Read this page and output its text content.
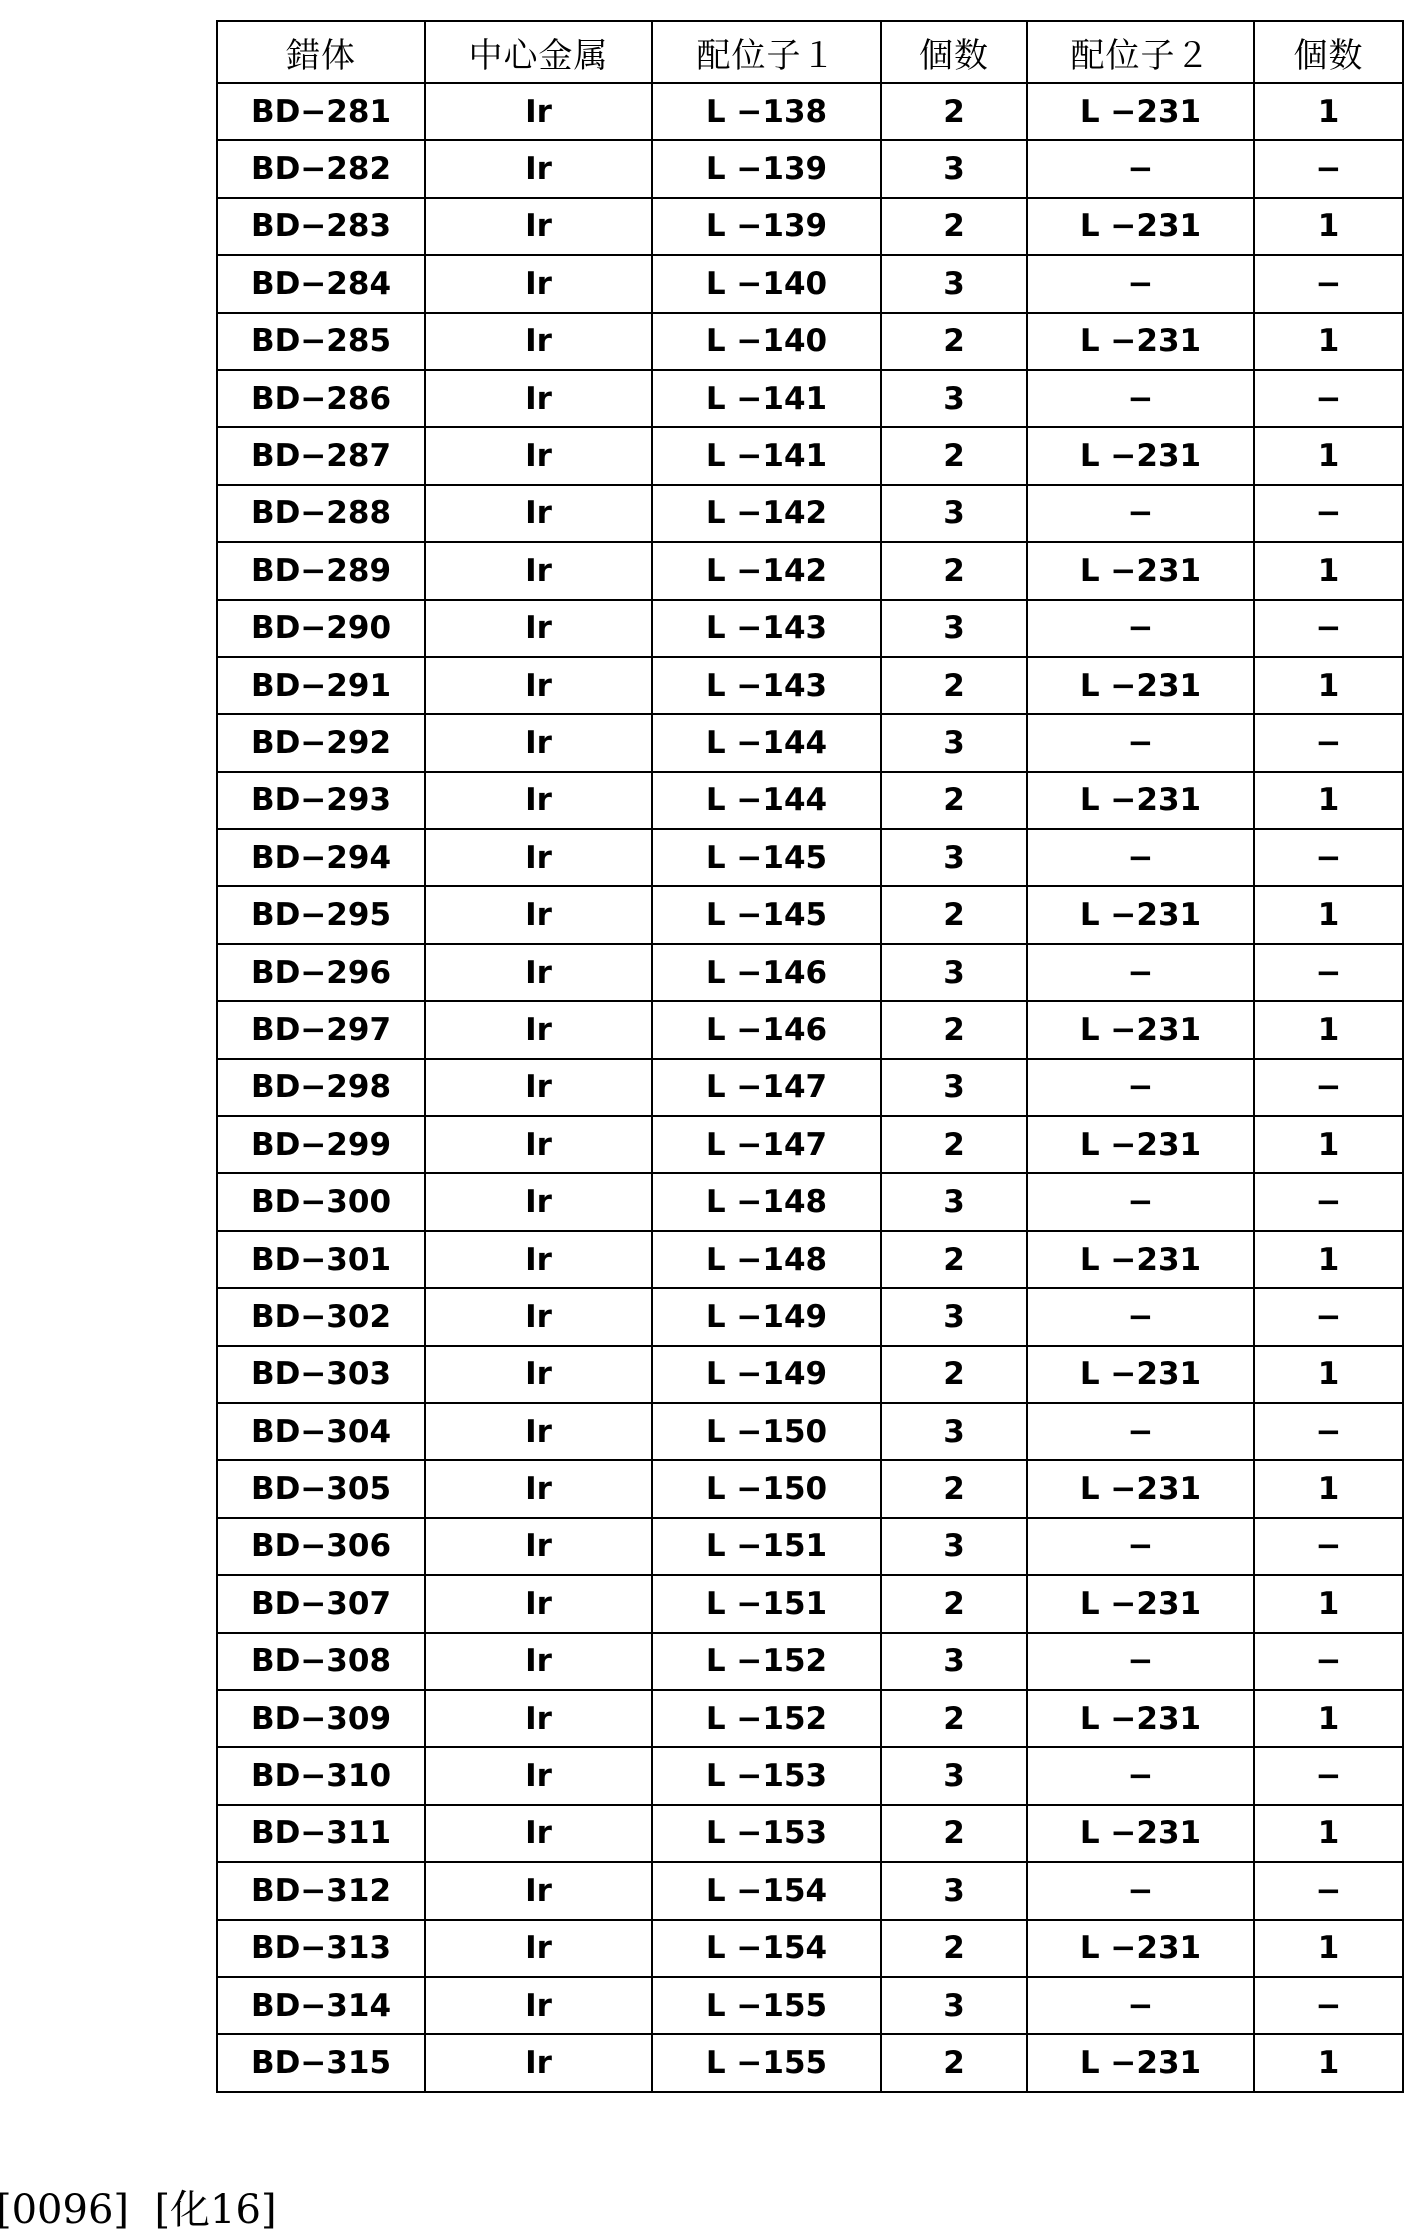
錯体	中心金属	配位子１	個数	配位子２	個数
BD−281	Ir	L −138	2	L −231	1
BD−282	Ir	L −139	3	−	−
BD−283	Ir	L −139	2	L −231	1
BD−284	Ir	L −140	3	−	−
BD−285	Ir	L −140	2	L −231	1
BD−286	Ir	L −141	3	−	−
BD−287	Ir	L −141	2	L −231	1
BD−288	Ir	L −142	3	−	−
BD−289	Ir	L −142	2	L −231	1
BD−290	Ir	L −143	3	−	−
BD−291	Ir	L −143	2	L −231	1
BD−292	Ir	L −144	3	−	−
BD−293	Ir	L −144	2	L −231	1
BD−294	Ir	L −145	3	−	−
BD−295	Ir	L −145	2	L −231	1
BD−296	Ir	L −146	3	−	−
BD−297	Ir	L −146	2	L −231	1
BD−298	Ir	L −147	3	−	−
BD−299	Ir	L −147	2	L −231	1
BD−300	Ir	L −148	3	−	−
BD−301	Ir	L −148	2	L −231	1
BD−302	Ir	L −149	3	−	−
BD−303	Ir	L −149	2	L −231	1
BD−304	Ir	L −150	3	−	−
BD−305	Ir	L −150	2	L −231	1
BD−306	Ir	L −151	3	−	−
BD−307	Ir	L −151	2	L −231	1
BD−308	Ir	L −152	3	−	−
BD−309	Ir	L −152	2	L −231	1
BD−310	Ir	L −153	3	−	−
BD−311	Ir	L −153	2	L −231	1
BD−312	Ir	L −154	3	−	−
BD−313	Ir	L −154	2	L −231	1
BD−314	Ir	L −155	3	−	−
BD−315	Ir	L −155	2	L −231	1
[0096] [化16]
